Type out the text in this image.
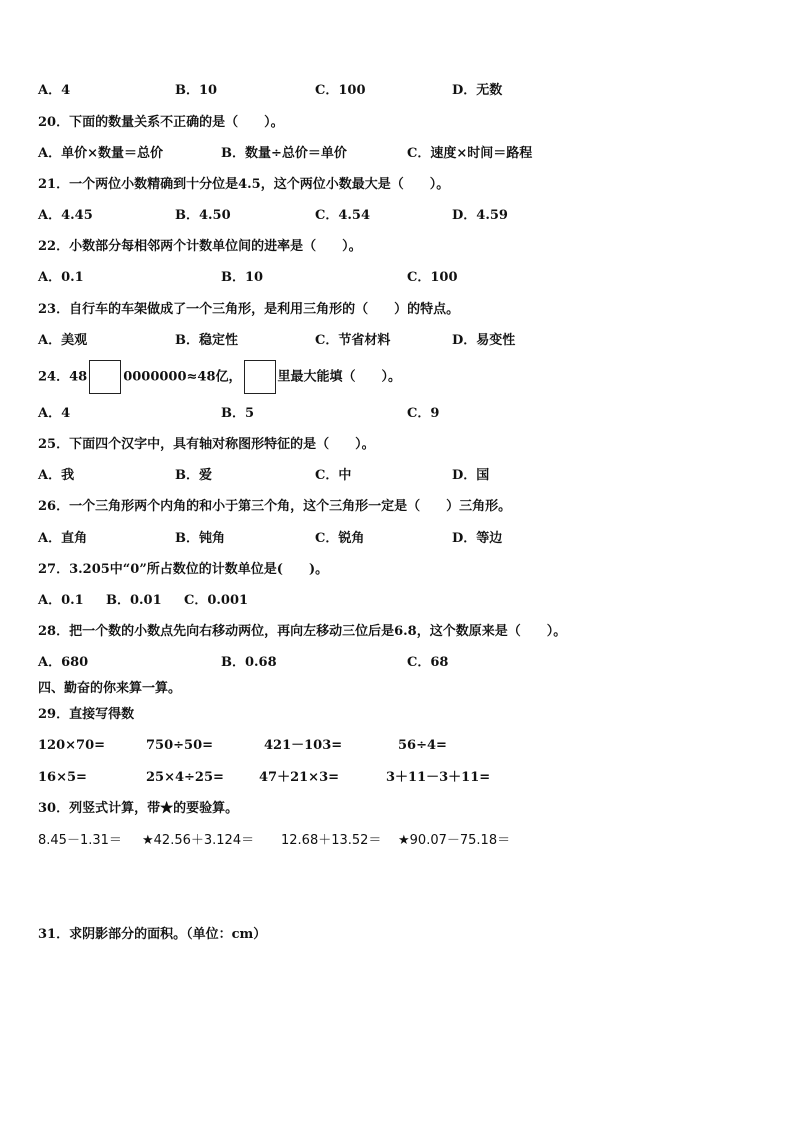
A．4	B．10	C．100	D．无数
20．下面的数量关系不正确的是（　　）。
A．单价×数量＝总价	B．数量÷总价＝单价	C．速度×时间＝路程
21．一个两位小数精确到十分位是4.5，这个两位小数最大是（　　）。
A．4.45	B．4.50	C．4.54	D．4.59
22．小数部分每相邻两个计数单位间的进率是（　　）。
A．0.1	B．10	C．100
23．自行车的车架做成了一个三角形，是利用三角形的（　　）的特点。
A．美观	B．稳定性	C．节省材料	D．易变性
24．48	0000000≈48亿，	里最大能填（　　）。
A．4	B．5	C．9
25．下面四个汉字中，具有轴对称图形特征的是（　　）。
A．我	B．爱	C．中	D．国
26．一个三角形两个内角的和小于第三个角，这个三角形一定是（　　）三角形。
A．直角	B．钝角	C．锐角	D．等边
27．3.205中“0”所占数位的计数单位是(　　)。
A．0.1 B．0.01 C．0.001
28．把一个数的小数点先向右移动两位，再向左移动三位后是6.8，这个数原来是（　　）。
A．680	B．0.68	C．68
四、勤奋的你来算一算。
29．直接写得数
120×70=	750÷50=	421－103=	56÷4=
16×5=	25×4÷25=	47＋21×3=	3＋11－3＋11=
30．列竖式计算，带★的要验算。
8.45－1.31＝ ★42.56＋3.124＝ 12.68＋13.52＝ ★90.07－75.18＝
31．求阴影部分的面积。（单位：cm）
